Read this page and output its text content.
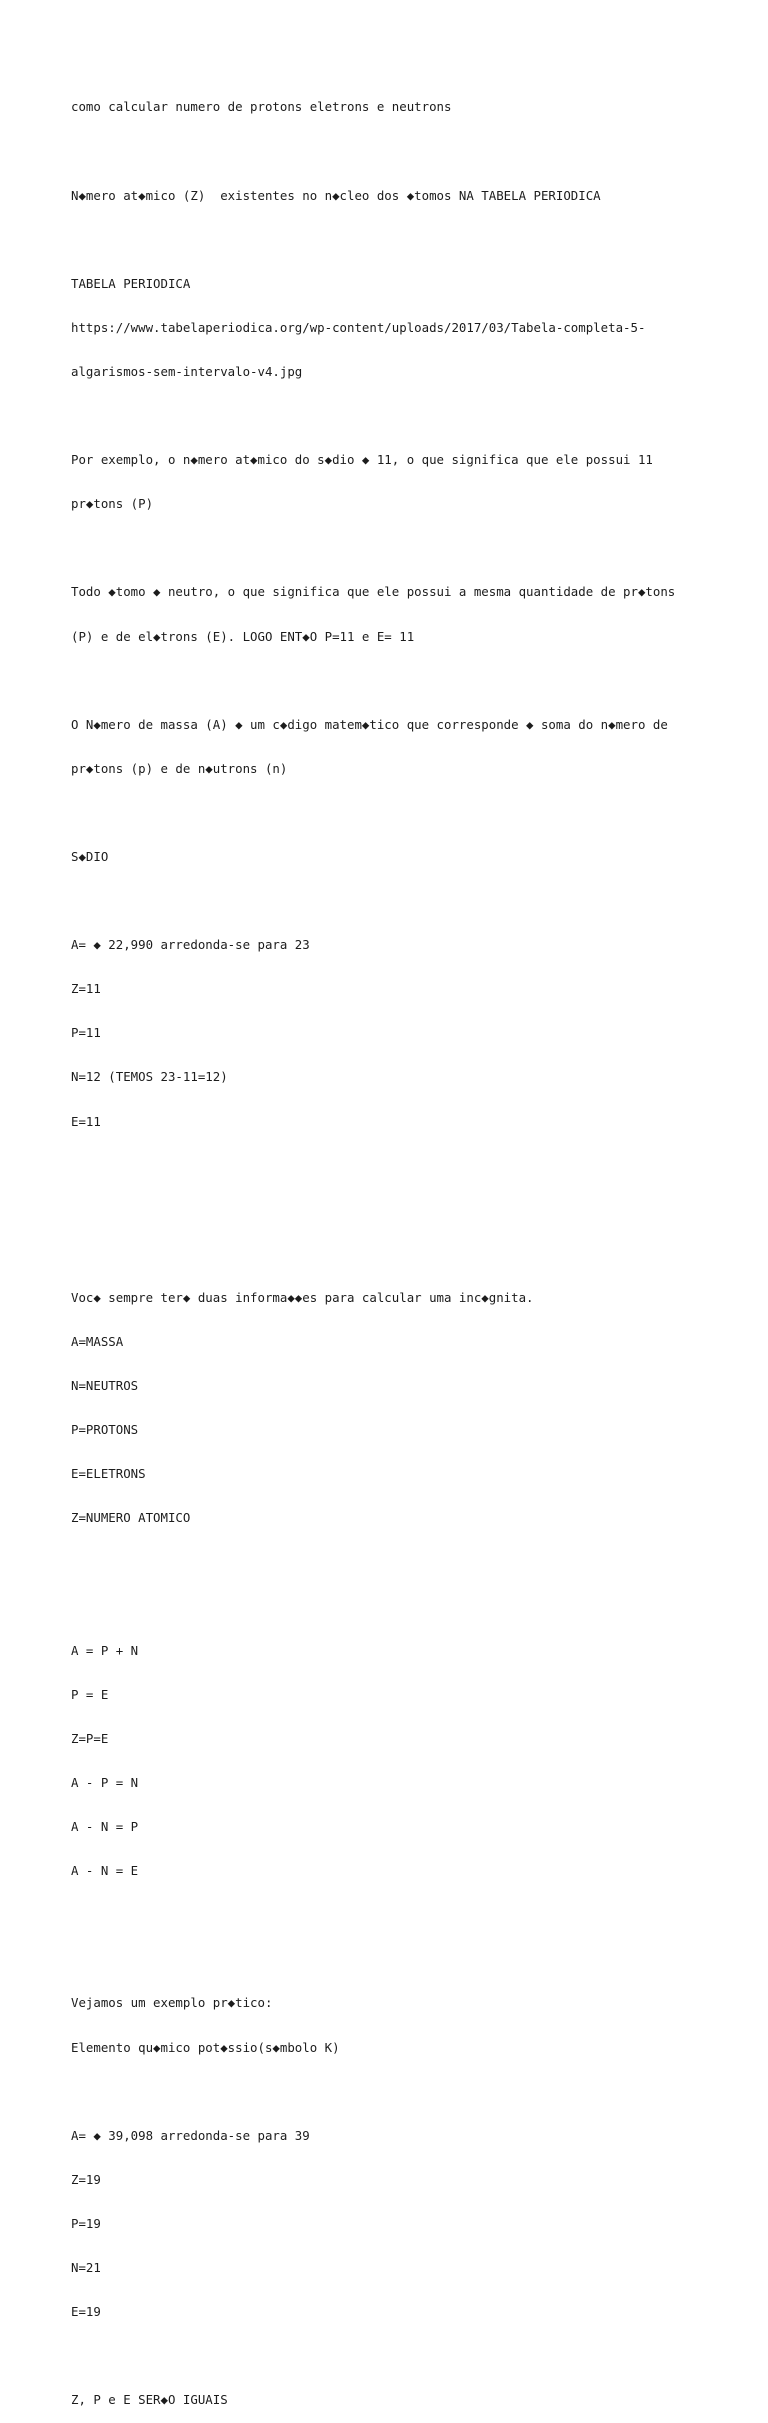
como calcular numero de protons eletrons e neutrons

N◆mero at◆mico (Z)  existentes no n◆cleo dos ◆tomos NA TABELA PERIODICA

TABELA PERIODICA

https://www.tabelaperiodica.org/wp-content/uploads/2017/03/Tabela-completa-5-

algarismos-sem-intervalo-v4.jpg

Por exemplo, o n◆mero at◆mico do s◆dio ◆ 11, o que significa que ele possui 11

pr◆tons (P)

Todo ◆tomo ◆ neutro, o que significa que ele possui a mesma quantidade de pr◆tons

(P) e de el◆trons (E). LOGO ENT◆O P=11 e E= 11

O N◆mero de massa (A) ◆ um c◆digo matem◆tico que corresponde ◆ soma do n◆mero de

pr◆tons (p) e de n◆utrons (n)

S◆DIO

A= ◆ 22,990 arredonda-se para 23

Z=11

P=11

N=12 (TEMOS 23-11=12)

E=11

Voc◆ sempre ter◆ duas informa◆◆es para calcular uma inc◆gnita.

A=MASSA

N=NEUTROS

P=PROTONS

E=ELETRONS

Z=NUMERO ATOMICO

A = P + N

P = E

Z=P=E

A - P = N

A - N = P

A - N = E

Vejamos um exemplo pr◆tico:

Elemento qu◆mico pot◆ssio(s◆mbolo K)

A= ◆ 39,098 arredonda-se para 39

Z=19

P=19

N=21

E=19

Z, P e E SER◆O IGUAIS
